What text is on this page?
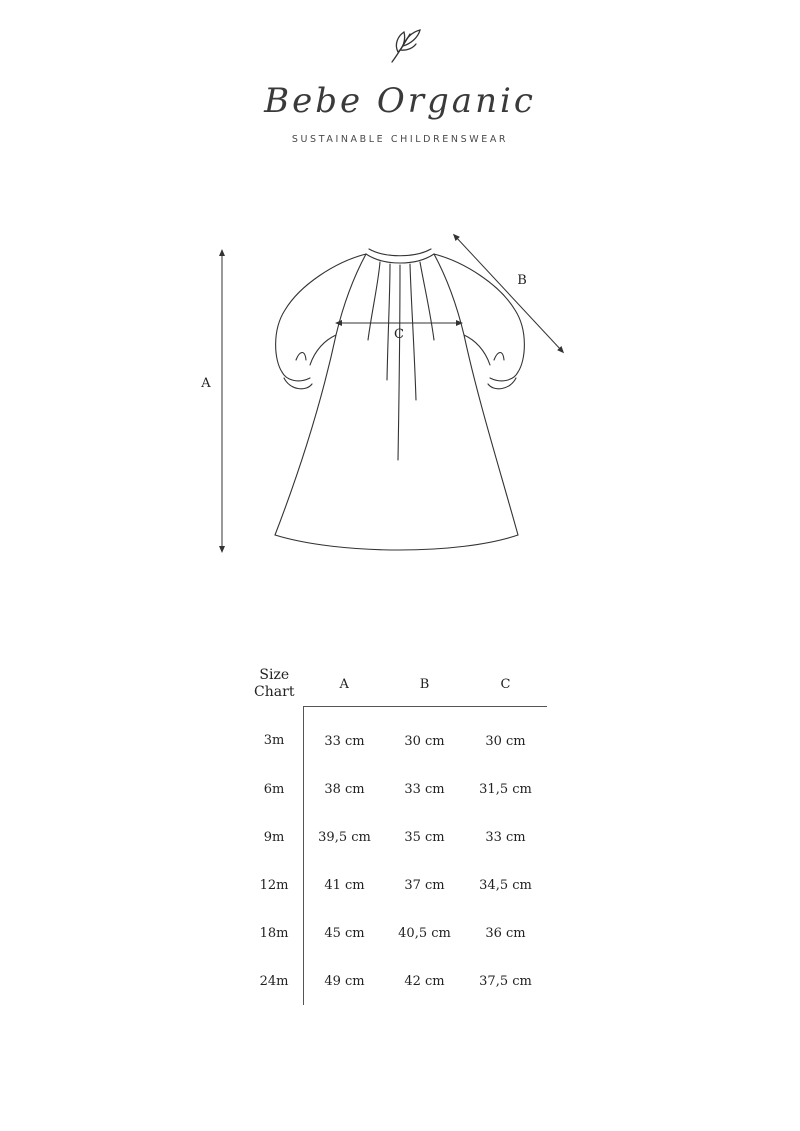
Bebe Organic
SUSTAINABLE CHILDRENSWEAR
A
B
C
Size
Chart	A	B	C
3m	33 cm	30 cm	30 cm
6m	38 cm	33 cm	31,5 cm
9m	39,5 cm	35 cm	33 cm
12m	41 cm	37 cm	34,5 cm
18m	45 cm	40,5 cm	36 cm
24m	49 cm	42 cm	37,5 cm
